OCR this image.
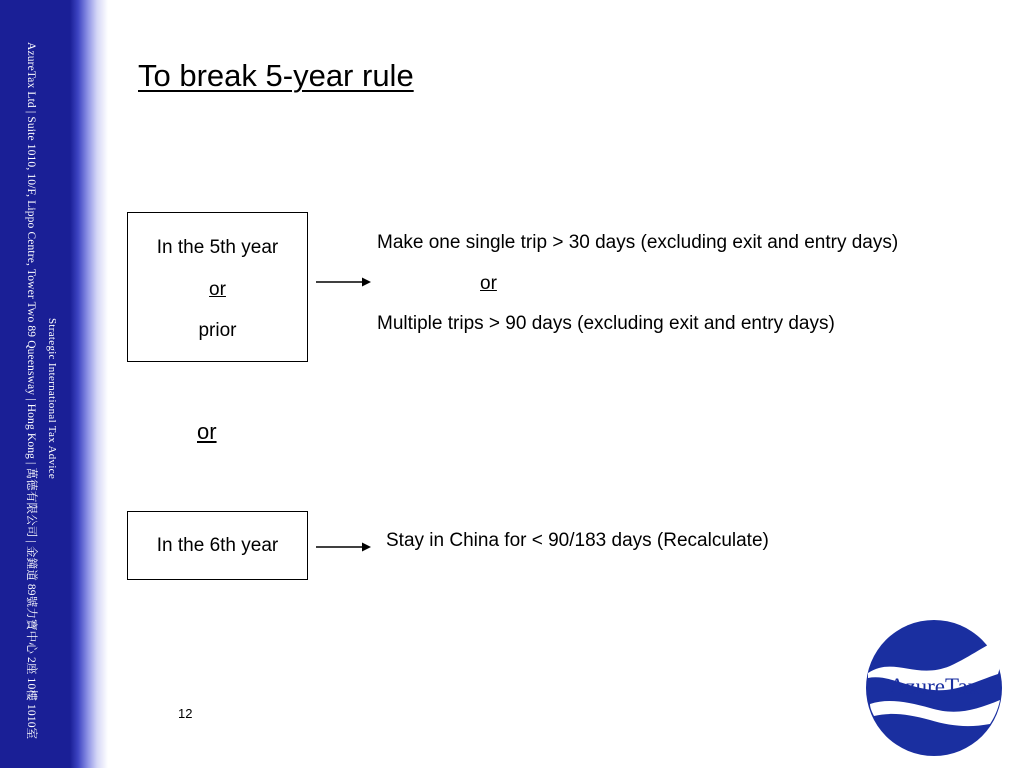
AzureTax Ltd | Suite 1010, 10/F, Lippo Centre, Tower Two 89 Queensway | Hong Kong | 萬德有限公司 | 金鐘道 89號力寶中心 2座 10樓 1010室 Strategic International Tax Advice
To break 5-year rule
In the 5th year
or
prior
Make one single trip > 30 days (excluding exit and entry days)
or
Multiple trips > 90 days (excluding exit and entry days)
or
In the 6th year	Stay in China for < 90/183 days (Recalculate)
12
AzureTax
